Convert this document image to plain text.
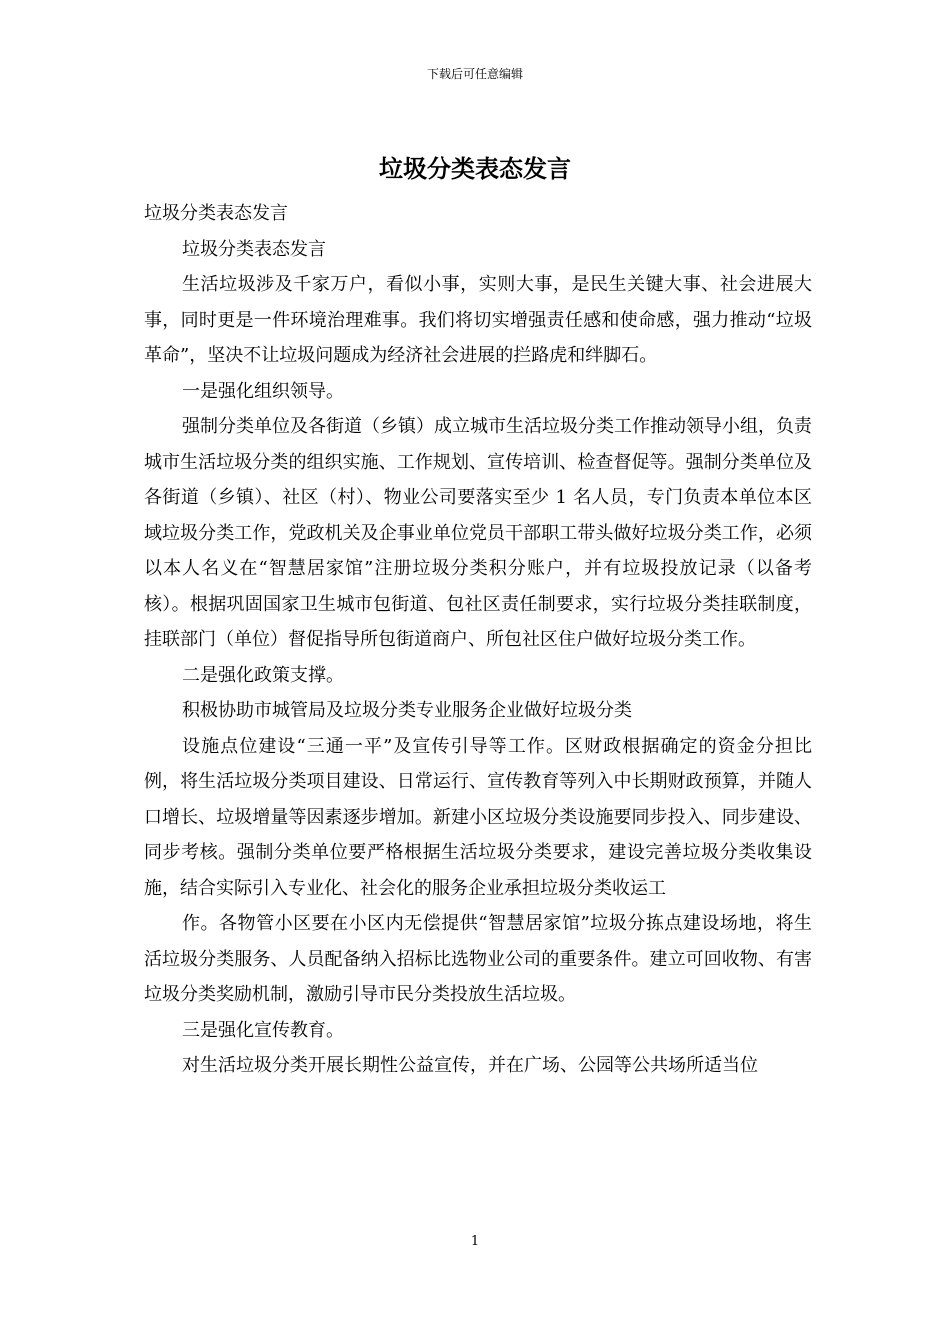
下载后可任意编辑
垃圾分类表态发言

垃圾分类表态发言

垃圾分类表态发言

生活垃圾涉及千家万户，看似小事，实则大事，是民生关键大事、社会进展大事，同时更是一件环境治理难事。我们将切实增强责任感和使命感，强力推动“垃圾革命”，坚决不让垃圾问题成为经济社会进展的拦路虎和绊脚石。

一是强化组织领导。

强制分类单位及各街道（乡镇）成立城市生活垃圾分类工作推动领导小组，负责城市生活垃圾分类的组织实施、工作规划、宣传培训、检查督促等。强制分类单位及各街道（乡镇）、社区（村）、物业公司要落实至少 1 名人员，专门负责本单位本区域垃圾分类工作，党政机关及企事业单位党员干部职工带头做好垃圾分类工作，必须以本人名义在“智慧居家馆”注册垃圾分类积分账户，并有垃圾投放记录（以备考核）。根据巩固国家卫生城市包街道、包社区责任制要求，实行垃圾分类挂联制度，挂联部门（单位）督促指导所包街道商户、所包社区住户做好垃圾分类工作。

二是强化政策支撑。

积极协助市城管局及垃圾分类专业服务企业做好垃圾分类

设施点位建设“三通一平”及宣传引导等工作。区财政根据确定的资金分担比例，将生活垃圾分类项目建设、日常运行、宣传教育等列入中长期财政预算，并随人口增长、垃圾增量等因素逐步增加。新建小区垃圾分类设施要同步投入、同步建设、同步考核。强制分类单位要严格根据生活垃圾分类要求，建设完善垃圾分类收集设施，结合实际引入专业化、社会化的服务企业承担垃圾分类收运工

作。各物管小区要在小区内无偿提供“智慧居家馆”垃圾分拣点建设场地，将生活垃圾分类服务、人员配备纳入招标比选物业公司的重要条件。建立可回收物、有害垃圾分类奖励机制，激励引导市民分类投放生活垃圾。

三是强化宣传教育。

对生活垃圾分类开展长期性公益宣传，并在广场、公园等公共场所适当位

1
